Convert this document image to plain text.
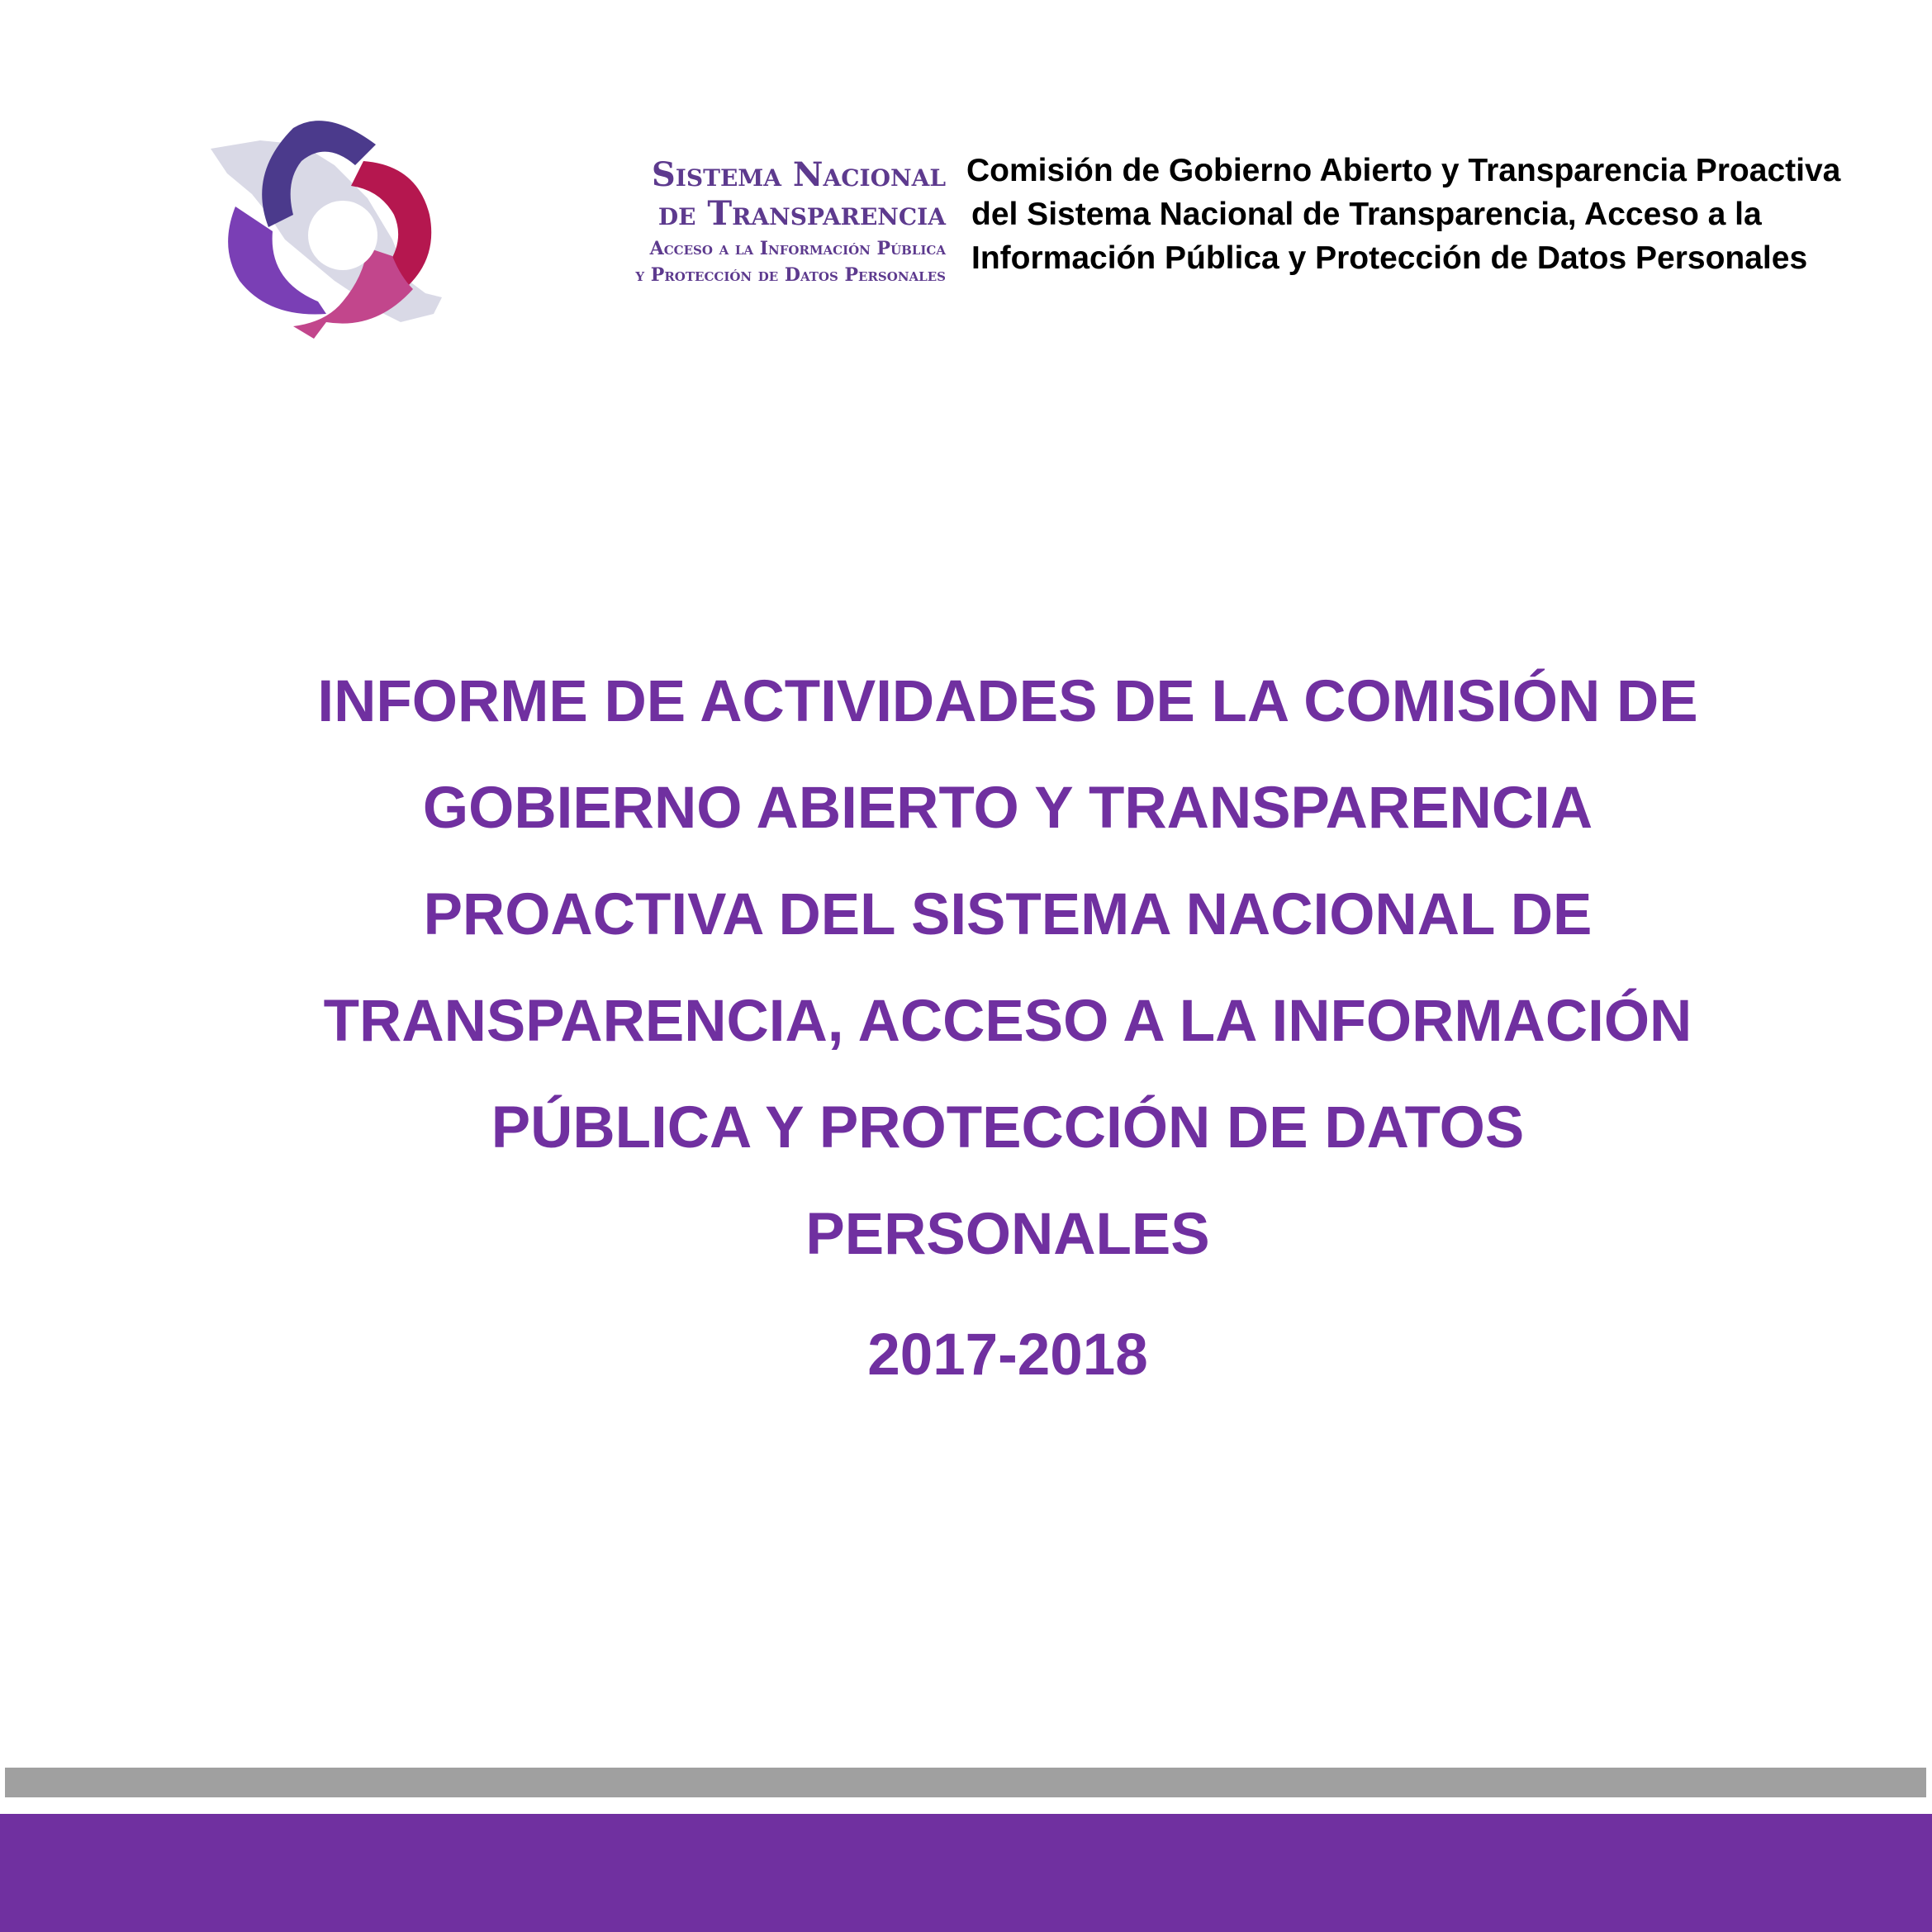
Sistema Nacional
de Transparencia
Acceso a la Información Pública
y Protección de Datos Personales
Comisión de Gobierno Abierto y Transparencia Proactiva
del Sistema Nacional de Transparencia, Acceso a la
Información Pública y Protección de Datos Personales
INFORME DE ACTIVIDADES DE LA COMISIÓN DE
GOBIERNO ABIERTO Y TRANSPARENCIA
PROACTIVA DEL SISTEMA NACIONAL DE
TRANSPARENCIA, ACCESO A LA INFORMACIÓN
PÚBLICA Y PROTECCIÓN DE DATOS
PERSONALES
2017-2018
